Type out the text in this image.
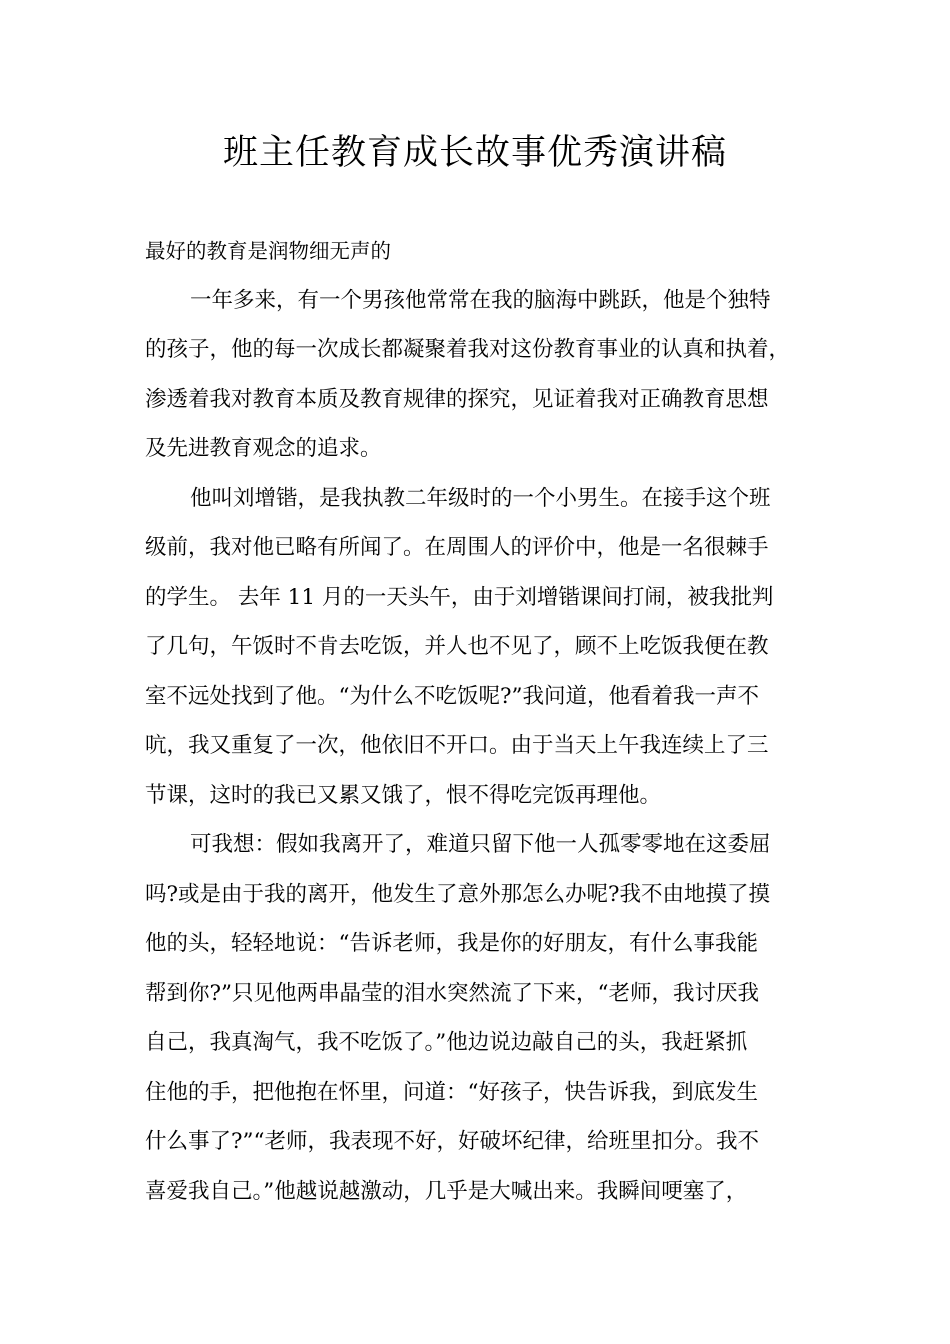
班主任教育成长故事优秀演讲稿
最好的教育是润物细无声的
一年多来，有一个男孩他常常在我的脑海中跳跃，他是个独特
的孩子，他的每一次成长都凝聚着我对这份教育事业的认真和执着，
渗透着我对教育本质及教育规律的探究，见证着我对正确教育思想
及先进教育观念的追求。
他叫刘增锴，是我执教二年级时的一个小男生。在接手这个班
级前，我对他已略有所闻了。在周围人的评价中，他是一名很棘手
的学生。 去年 11 月的一天头午，由于刘增锴课间打闹，被我批判
了几句，午饭时不肯去吃饭，并人也不见了，顾不上吃饭我便在教
室不远处找到了他。“为什么不吃饭呢?”我问道，他看着我一声不
吭，我又重复了一次，他依旧不开口。由于当天上午我连续上了三
节课，这时的我已又累又饿了，恨不得吃完饭再理他。
可我想：假如我离开了，难道只留下他一人孤零零地在这委屈
吗?或是由于我的离开，他发生了意外那怎么办呢?我不由地摸了摸
他的头，轻轻地说：“告诉老师，我是你的好朋友，有什么事我能
帮到你?”只见他两串晶莹的泪水突然流了下来，“老师，我讨厌我
自己，我真淘气，我不吃饭了。”他边说边敲自己的头，我赶紧抓
住他的手，把他抱在怀里，问道：“好孩子，快告诉我，到底发生
什么事了?”“老师，我表现不好，好破坏纪律，给班里扣分。我不
喜爱我自己。”他越说越激动，几乎是大喊出来。我瞬间哽塞了，
